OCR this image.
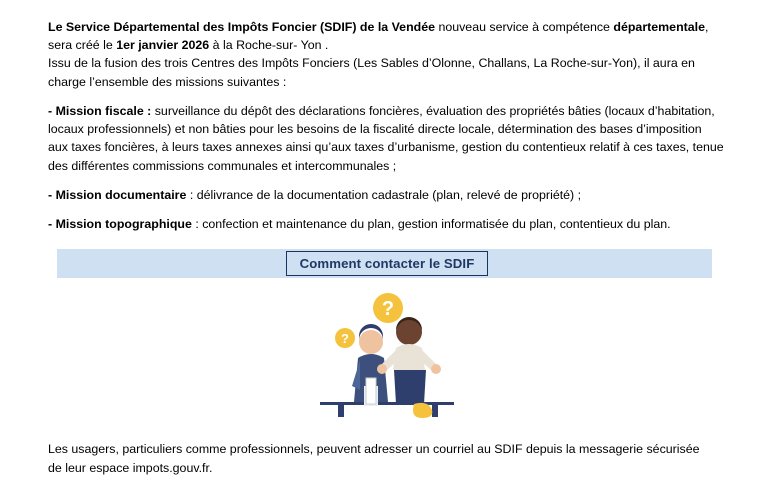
Le Service Départemental des Impôts Foncier (SDIF) de la Vendée nouveau service à compétence départementale,
sera créé le 1er janvier 2026 à la Roche-sur- Yon .

Issu de la fusion des trois Centres des Impôts Fonciers (Les Sables d’Olonne, Challans, La Roche-sur-Yon), il aura en charge l’ensemble des missions suivantes :

- Mission fiscale : surveillance du dépôt des déclarations foncières, évaluation des propriétés bâties (locaux d’habitation, locaux professionnels) et non bâties pour les besoins de la fiscalité directe locale, détermination des bases d’imposition aux taxes foncières, à leurs taxes annexes ainsi qu’aux taxes d’urbanisme, gestion du contentieux relatif à ces taxes, tenue des différentes commissions communales et intercommunales ;

- Mission documentaire : délivrance de la documentation cadastrale (plan, relevé de propriété) ;

- Mission topographique : confection et maintenance du plan, gestion informatisée du plan, contentieux du plan.

Comment contacter le SDIF
?
?

Les usagers, particuliers comme professionnels, peuvent adresser un courriel au SDIF depuis la messagerie sécurisée

de leur espace impots.gouv.fr.
